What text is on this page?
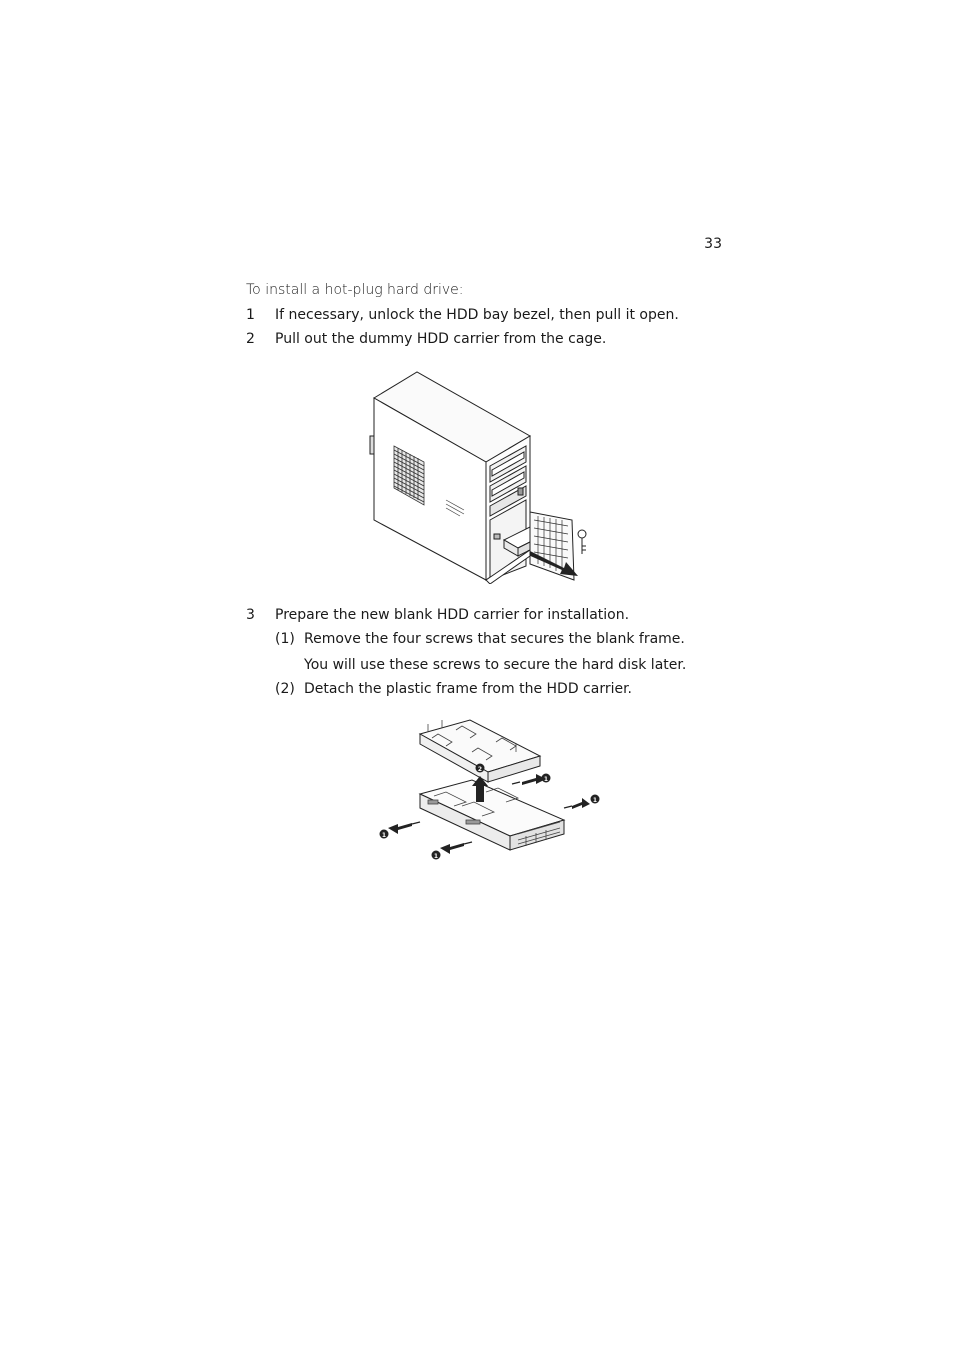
33
To install a hot-plug hard drive:
1 If necessary, unlock the HDD bay bezel, then pull it open.
2 Pull out the dummy HDD carrier from the cage.
3 Prepare the new blank HDD carrier for installation.
(1) Remove the four screws that secures the blank frame.
You will use these screws to secure the hard disk later.
(2) Detach the plastic frame from the HDD carrier.
2
1
1
1
1
